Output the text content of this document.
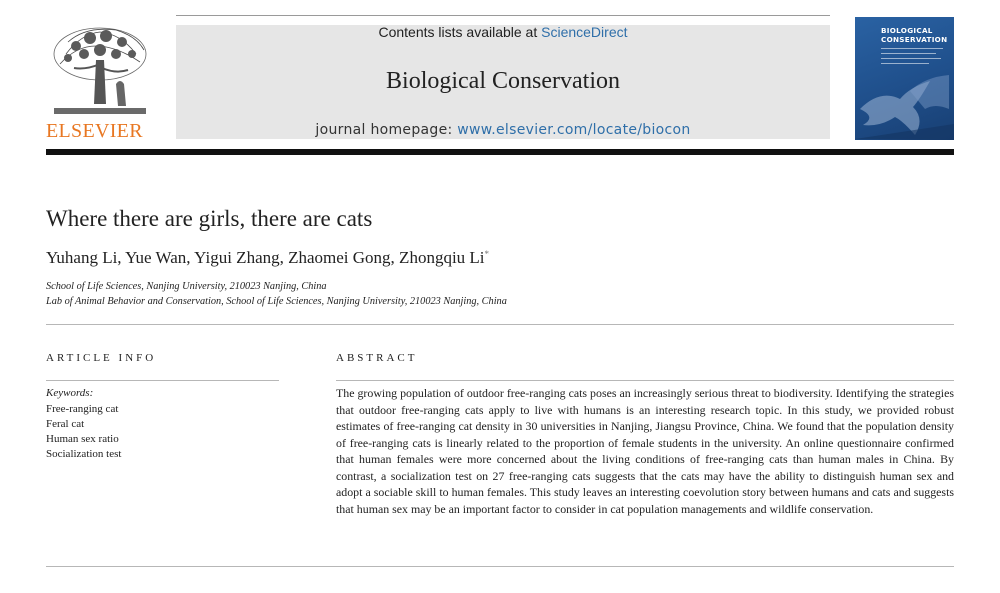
ELSEVIER
Contents lists available at ScienceDirect
Biological Conservation
journal homepage: www.elsevier.com/locate/biocon
BIOLOGICAL
CONSERVATION
Where there are girls, there are cats
Yuhang Li, Yue Wan, Yigui Zhang, Zhaomei Gong, Zhongqiu Li*
School of Life Sciences, Nanjing University, 210023 Nanjing, China
Lab of Animal Behavior and Conservation, School of Life Sciences, Nanjing University, 210023 Nanjing, China
ARTICLE INFO
Keywords:
Free-ranging cat
Feral cat
Human sex ratio
Socialization test
ABSTRACT

The growing population of outdoor free-ranging cats poses an increasingly serious threat to biodiversity. Identifying the strategies that outdoor free-ranging cats apply to live with humans is an interesting research topic. In this study, we provided robust estimates of free-ranging cat density in 30 universities in Nanjing, Jiangsu Province, China. We found that the population density of free-ranging cats is linearly related to the proportion of female students in the university. An online questionnaire confirmed that human females were more concerned about the living conditions of free-ranging cats than human males in China. By contrast, a socialization test on 27 free-ranging cats suggests that the cats may have the ability to distinguish human sex and adopt a sociable skill to human females. This study leaves an interesting coevolution story between humans and cats and suggests that human sex may be an important factor to consider in cat population managements and wildlife conservation.
